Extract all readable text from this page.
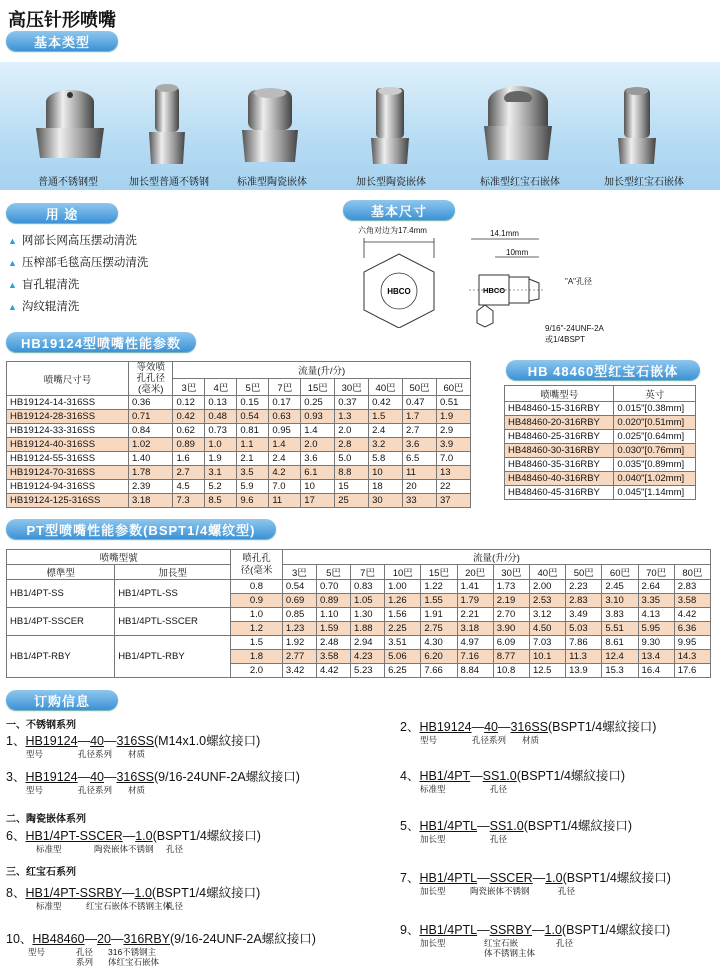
高压针形喷嘴
基本类型
普通不锈钢型	加长型普通不锈钢	标准型陶瓷嵌体	加长型陶瓷嵌体	标准型红宝石嵌体	加长型红宝石嵌体
用 途
▲ 网部长网高压摆动清洗
▲ 压榨部毛毯高压摆动清洗
▲ 盲孔辊清洗
▲ 沟纹辊清洗
基本尺寸
六角对边为17.4mm
HBCO
14.1mm
10mm
HBCO
"A"孔径
9/16"-24UNF-2A
或1/4BSPT
HB19124型喷嘴性能参数
喷嘴尺寸号	等效喷
孔孔径
(毫米)	流量(升/分)								
		3巴	4巴	5巴	7巴	15巴	30巴	40巴	50巴	60巴
HB19124-14-316SS	0.36	0.12	0.13	0.15	0.17	0.25	0.37	0.42	0.47	0.51
HB19124-28-316SS	0.71	0.42	0.48	0.54	0.63	0.93	1.3	1.5	1.7	1.9
HB19124-33-316SS	0.84	0.62	0.73	0.81	0.95	1.4	2.0	2.4	2.7	2.9
HB19124-40-316SS	1.02	0.89	1.0	1.1	1.4	2.0	2.8	3.2	3.6	3.9
HB19124-55-316SS	1.40	1.6	1.9	2.1	2.4	3.6	5.0	5.8	6.5	7.0
HB19124-70-316SS	1.78	2.7	3.1	3.5	4.2	6.1	8.8	10	11	13
HB19124-94-316SS	2.39	4.5	5.2	5.9	7.0	10	15	18	20	22
HB19124-125-316SS	3.18	7.3	8.5	9.6	11	17	25	30	33	37
HB 48460型红宝石嵌体
喷嘴型号	英寸
HB48460-15-316RBY	0.015"[0.38mm]
HB48460-20-316RBY	0.020"[0.51mm]
HB48460-25-316RBY	0.025"[0.64mm]
HB48460-30-316RBY	0.030"[0.76mm]
HB48460-35-316RBY	0.035"[0.89mm]
HB48460-40-316RBY	0.040"[1.02mm]
HB48460-45-316RBY	0.045"[1.14mm]
PT型喷嘴性能参数(BSPT1/4螺纹型)
喷嘴型號		喷孔孔
径(毫米	流量(升/分)											
標準型	加長型		3巴	5巴	7巴	10巴	15巴	20巴	30巴	40巴	50巴	60巴	70巴	80巴
HB1/4PT-SS	HB1/4PTL-SS	0.8	0.54	0.70	0.83	1.00	1.22	1.41	1.73	2.00	2.23	2.45	2.64	2.83
		0.9	0.69	0.89	1.05	1.26	1.55	1.79	2.19	2.53	2.83	3.10	3.35	3.58
HB1/4PT-SSCER	HB1/4PTL-SSCER	1.0	0.85	1.10	1.30	1.56	1.91	2.21	2.70	3.12	3.49	3.83	4.13	4.42
		1.2	1.23	1.59	1.88	2.25	2.75	3.18	3.90	4.50	5.03	5.51	5.95	6.36
HB1/4PT-RBY	HB1/4PTL-RBY	1.5	1.92	2.48	2.94	3.51	4.30	4.97	6.09	7.03	7.86	8.61	9.30	9.95
		1.8	2.77	3.58	4.23	5.06	6.20	7.16	8.77	10.1	11.3	12.4	13.4	14.3
		2.0	3.42	4.42	5.23	6.25	7.66	8.84	10.8	12.5	13.9	15.3	16.4	17.6
订购信息
一、不锈钢系列
二、陶瓷嵌体系列
三、红宝石系列
1、HB19124—40—316SS(M14x1.0螺紋接口)
型号	孔径系列 材质
2、HB19124—40—316SS(BSPT1/4螺紋接口)
型号	孔径系列 材质
3、HB19124—40—316SS(9/16-24UNF-2A螺紋接口)
型号	孔径系列 材质
4、HB1/4PT—SS1.0(BSPT1/4螺紋接口)
标准型	孔径
5、HB1/4PTL—SS1.0(BSPT1/4螺紋接口)
加长型	孔径
6、HB1/4PT-SSCER—1.0(BSPT1/4螺紋接口)
标准型	陶瓷嵌体不锈钢 孔径
7、HB1/4PTL—SSCER—1.0(BSPT1/4螺紋接口)
加长型	陶瓷嵌体不锈钢	孔径
8、HB1/4PT-SSRBY—1.0(BSPT1/4螺紋接口)
标准型	红宝石嵌体不锈钢主体
孔径
9、HB1/4PTL—SSRBY—1.0(BSPT1/4螺紋接口)
加长型	红宝石嵌
体不锈钢主体
孔径
10、HB48460—20—316RBY(9/16-24UNF-2A螺紋接口)
型号	孔径
系列
316不锈钢主
体红宝石嵌体
